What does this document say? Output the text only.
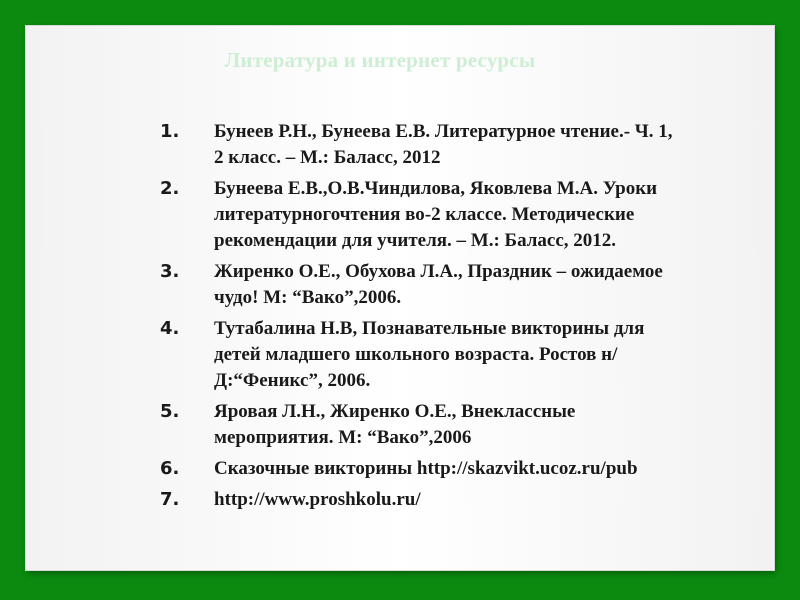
Литература и интернет ресурсы
1.	Бунеев Р.Н., Бунеева Е.В. Литературное чтение.- Ч. 1, 2 класс. – М.: Баласс, 2012
2.	Бунеева Е.В.,О.В.Чиндилова, Яковлева М.А. Уроки литературногочтения во-2 классе. Методические рекомендации для учителя. – М.: Баласс, 2012.
3.	Жиренко О.Е., Обухова Л.А., Праздник – ожидаемое чудо! М: “Вако”,2006.
4.	Тутабалина Н.В, Познавательные викторины для детей младшего школьного возраста. Ростов н/Д:“Феникс”, 2006.
5.	Яровая Л.Н., Жиренко О.Е., Внеклассные мероприятия. М: “Вако”,2006
6.	Сказочные викторины http://skazvikt.ucoz.ru/pub
7.	http://www.proshkolu.ru/
